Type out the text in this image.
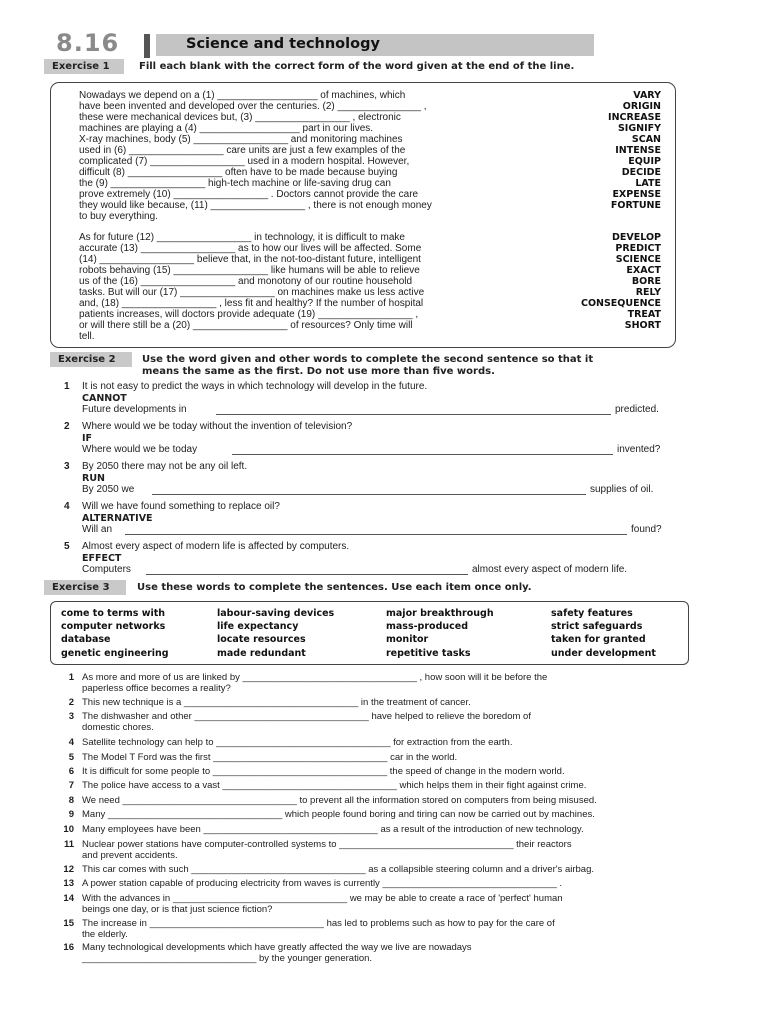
8.16	Science and technology
Exercise 1	Fill each blank with the correct form of the word given at the end of the line.
Nowadays we depend on a (1) __________________ of machines, which	VARY
have been invented and developed over the centuries. (2) _______________ ,	ORIGIN
these were mechanical devices but, (3) _________________ , electronic	INCREASE
machines are playing a (4) __________________ part in our lives.	SIGNIFY
X-ray machines, body (5) _________________ and monitoring machines	SCAN
used in (6) _________________ care units are just a few examples of the	INTENSE
complicated (7) _________________ used in a modern hospital. However,	EQUIP
difficult (8) _________________ often have to be made because buying	DECIDE
the (9) _________________ high-tech machine or life-saving drug can	LATE
prove extremely (10) _________________ . Doctors cannot provide the care	EXPENSE
they would like because, (11) _________________ , there is not enough money	FORTUNE
to buy everything.
As for future (12) _________________ in technology, it is difficult to make	DEVELOP
accurate (13) _________________ as to how our lives will be affected. Some	PREDICT
(14) _________________ believe that, in the not-too-distant future, intelligent	SCIENCE
robots behaving (15) _________________ like humans will be able to relieve	EXACT
us of the (16) _________________ and monotony of our routine household	BORE
tasks. But will our (17) _________________ on machines make us less active	RELY
and, (18) _________________ , less fit and healthy? If the number of hospital	CONSEQUENCE
patients increases, will doctors provide adequate (19) _________________ ,	TREAT
or will there still be a (20) _________________ of resources? Only time will	SHORT
tell.
Exercise 2	Use the word given and other words to complete the second sentence so that it
means the same as the first. Do not use more than five words.
1 It is not easy to predict the ways in which technology will develop in the future.
CANNOT
Future developments in	predicted.
2 Where would we be today without the invention of television?
IF
Where would we be today	invented?
3 By 2050 there may not be any oil left.
RUN
By 2050 we	supplies of oil.
4 Will we have found something to replace oil?
ALTERNATIVE
Will an	found?
5 Almost every aspect of modern life is affected by computers.
EFFECT
Computers	almost every aspect of modern life.
Exercise 3	Use these words to complete the sentences. Use each item once only.
come to terms with	labour-saving devices	major breakthrough	safety features
computer networks	life expectancy	mass-produced	strict safeguards
database	locate resources	monitor	taken for granted
genetic engineering	made redundant	repetitive tasks	under development
1 As more and more of us are linked by _________________________________ , how soon will it be before the
paperless office becomes a reality?
2 This new technique is a _________________________________ in the treatment of cancer.
3 The dishwasher and other _________________________________ have helped to relieve the boredom of
domestic chores.
4 Satellite technology can help to _________________________________ for extraction from the earth.
5 The Model T Ford was the first _________________________________ car in the world.
6 It is difficult for some people to _________________________________ the speed of change in the modern world.
7 The police have access to a vast _________________________________ which helps them in their fight against crime.
8 We need _________________________________ to prevent all the information stored on computers from being misused.
9 Many _________________________________ which people found boring and tiring can now be carried out by machines.
10 Many employees have been _________________________________ as a result of the introduction of new technology.
11 Nuclear power stations have computer-controlled systems to _________________________________ their reactors
and prevent accidents.
12 This car comes with such _________________________________ as a collapsible steering column and a driver's airbag.
13 A power station capable of producing electricity from waves is currently _________________________________ .
14 With the advances in _________________________________ we may be able to create a race of 'perfect' human
beings one day, or is that just science fiction?
15 The increase in _________________________________ has led to problems such as how to pay for the care of
the elderly.
16 Many technological developments which have greatly affected the way we live are nowadays
_________________________________ by the younger generation.
